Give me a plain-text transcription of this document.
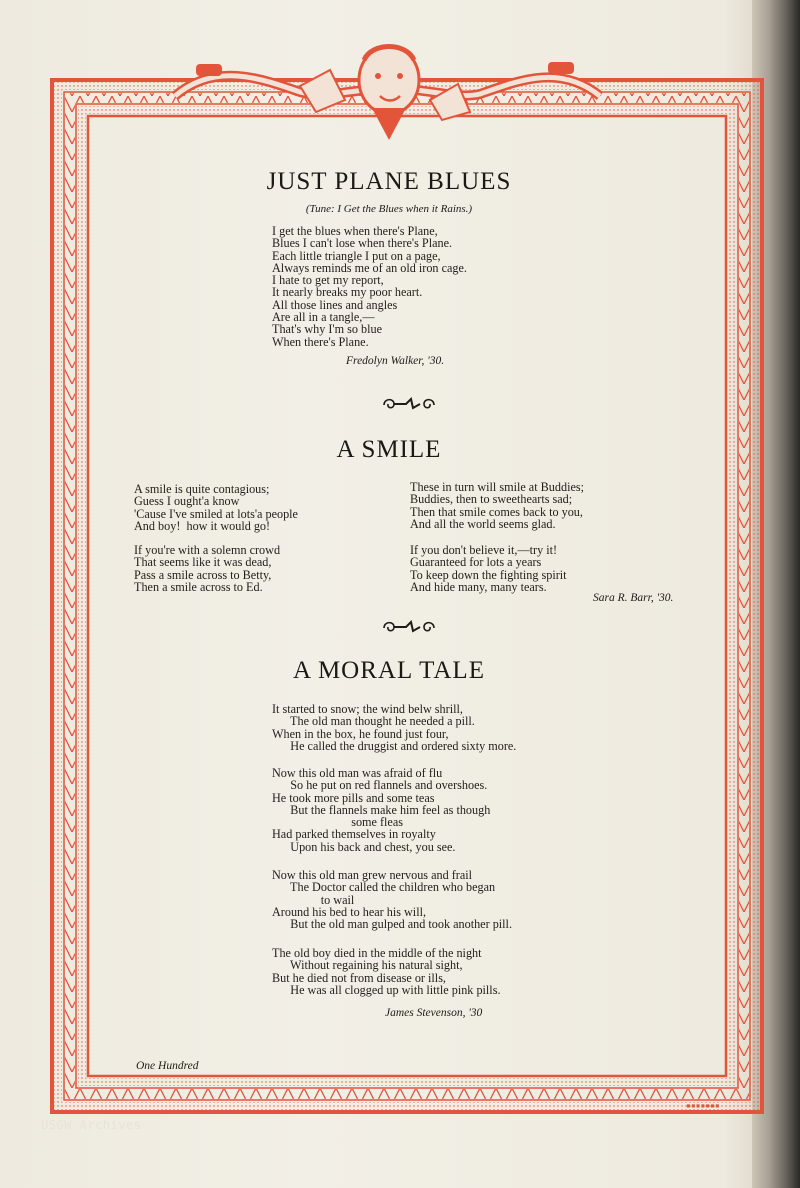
▪▪▪▪▪▪▪
JUST PLANE BLUES
(Tune: I Get the Blues when it Rains.)
I get the blues when there's Plane,
Blues I can't lose when there's Plane.
Each little triangle I put on a page,
Always reminds me of an old iron cage.
I hate to get my report,
It nearly breaks my poor heart.
All those lines and angles
Are all in a tangle,—
That's why I'm so blue
When there's Plane.
Fredolyn Walker, '30.
A SMILE
A smile is quite contagious;
Guess I ought'a know
'Cause I've smiled at lots'a people
And boy!  how it would go!
If you're with a solemn crowd
That seems like it was dead,
Pass a smile across to Betty,
Then a smile across to Ed.
These in turn will smile at Buddies;
Buddies, then to sweethearts sad;
Then that smile comes back to you,
And all the world seems glad.
If you don't believe it,—try it!
Guaranteed for lots a years
To keep down the fighting spirit
And hide many, many tears.
Sara R. Barr, '30.
A MORAL TALE
It started to snow; the wind belw shrill,
The old man thought he needed a pill.
When in the box, he found just four,
He called the druggist and ordered sixty more.
Now this old man was afraid of flu
So he put on red flannels and overshoes.
He took more pills and some teas
But the flannels make him feel as though
some fleas
Had parked themselves in royalty
Upon his back and chest, you see.
Now this old man grew nervous and frail
The Doctor called the children who began
to wail
Around his bed to hear his will,
But the old man gulped and took another pill.
The old boy died in the middle of the night
Without regaining his natural sight,
But he died not from disease or ills,
He was all clogged up with little pink pills.
James Stevenson, '30
One Hundred
USGW Archives
